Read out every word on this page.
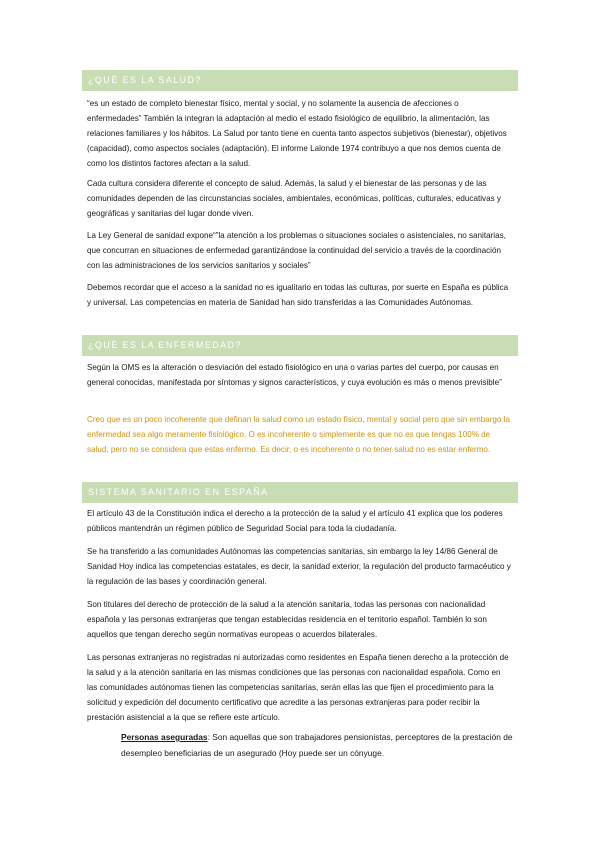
¿QUÉ ES LA SALUD?

“es un estado de completo bienestar físico, mental y social, y no solamente la ausencia de afecciones o enfermedades” También la integran la adaptación al medio el estado fisiológico de equilibrio, la alimentación, las relaciones familiares y los hábitos. La Salud por tanto tiene en cuenta tanto aspectos subjetivos (bienestar), objetivos (capacidad), como aspectos sociales (adaptación). El informe Lalonde 1974 contribuyo a que nos demos cuenta de como los distintos factores afectan a la salud.

Cada cultura considera diferente el concepto de salud. Además, la salud y el bienestar de las personas y de las comunidades dependen de las circunstancias sociales, ambientales, económicas, políticas, culturales, educativas y geográficas y sanitarias del lugar donde viven.

La Ley General de sanidad expone“”la atención a los problemas o situaciones sociales o asistenciales, no sanitarias, que concurran en situaciones de enfermedad garantizándose la continuidad del servicio a través de la coordinación con las administraciones de los servicios sanitarios y sociales”

Debemos recordar que el acceso a la sanidad no es igualitario en todas las culturas, por suerte en España es pública y universal. Las competencias en materia de Sanidad han sido transferidas a las Comunidades Autónomas.

¿QUÉ ES LA ENFERMEDAD?

Según la OMS es la alteración o desviación del estado fisiológico en una o varias partes del cuerpo, por causas en general conocidas, manifestada por síntomas y signos característicos, y cuya evolución es más o menos previsible”

Creo que es un poco incoherente que definan la salud como un estado físico, mental y social pero que sin embargo la enfermedad sea algo meramente fisiológico. O es incoherente o simplemente es que no es que tengas 100% de salud, pero no se considera que estas enfermo. Es decir, o es incoherente o no tener salud no es estar enfermo.

SISTEMA SANITARIO EN ESPAÑA

El artículo 43 de la Constitución indica el derecho a la protección de la salud y el artículo 41 explica que los poderes públicos mantendrán un régimen público de Seguridad Social para toda la ciudadanía.

Se ha transferido a las comunidades Autónomas las competencias sanitarias, sin embargo la ley 14/86 General de Sanidad Hoy indica las competencias estatales, es decir, la sanidad exterior, la regulación del producto farmacéutico y la regulación de las bases y coordinación general.

Son titulares del derecho de protección de la salud a la atención sanitaria, todas las personas con nacionalidad española y las personas extranjeras que tengan establecidas residencia en el territorio español. También lo son aquellos que tengan derecho según normativas europeas o acuerdos bilaterales.

Las personas extranjeras no registradas ni autorizadas como residentes en España tienen derecho a la protección de la salud y a la atención sanitaria en las mismas condiciones que las personas con nacionalidad española. Como en las comunidades autónomas tienen las competencias sanitarias, serán ellas las que fijen el procedimiento para la solicitud y expedición del documento certificativo que acredite a las personas extranjeras para poder recibir la prestación asistencial a la que se refiere este artículo.

Personas aseguradas: Son aquellas que son trabajadores pensionistas, perceptores de la prestación de desempleo beneficiarias de un asegurado (Hoy puede ser un cónyuge.
